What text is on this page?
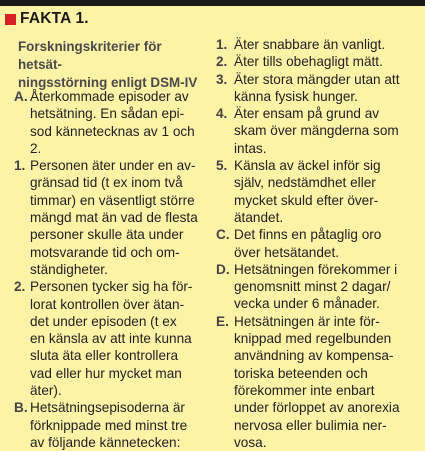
FAKTA 1.
Forskningskriterier för hetsät-
ningsstörning enligt DSM-IV
A. Återkommade episoder av
hetsätning. En sådan epi-
sod kännetecknas av 1 och
2.
1. Personen äter under en av-
gränsad tid (t ex inom två
timmar) en väsentligt större
mängd mat än vad de flesta
personer skulle äta under
motsvarande tid och om-
ständigheter.
2. Personen tycker sig ha för-
lorat kontrollen över ätan-
det under episoden (t ex
en känsla av att inte kunna
sluta äta eller kontrollera
vad eller hur mycket man
äter).
B. Hetsätningsepisoderna är
förknippade med minst tre
av följande kännetecken:
1. Äter snabbare än vanligt.
2. Äter tills obehagligt mätt.
3. Äter stora mängder utan att
känna fysisk hunger.
4. Äter ensam på grund av
skam över mängderna som
intas.
5. Känsla av äckel inför sig
själv, nedstämdhet eller
mycket skuld efter över-
ätandet.
C. Det finns en påtaglig oro
över hetsätandet.
D. Hetsätningen förekommer i
genomsnitt minst 2 dagar/
vecka under 6 månader.
E. Hetsätningen är inte för-
knippad med regelbunden
användning av kompensa-
toriska beteenden och
förekommer inte enbart
under förloppet av anorexia
nervosa eller bulimia ner-
vosa.
